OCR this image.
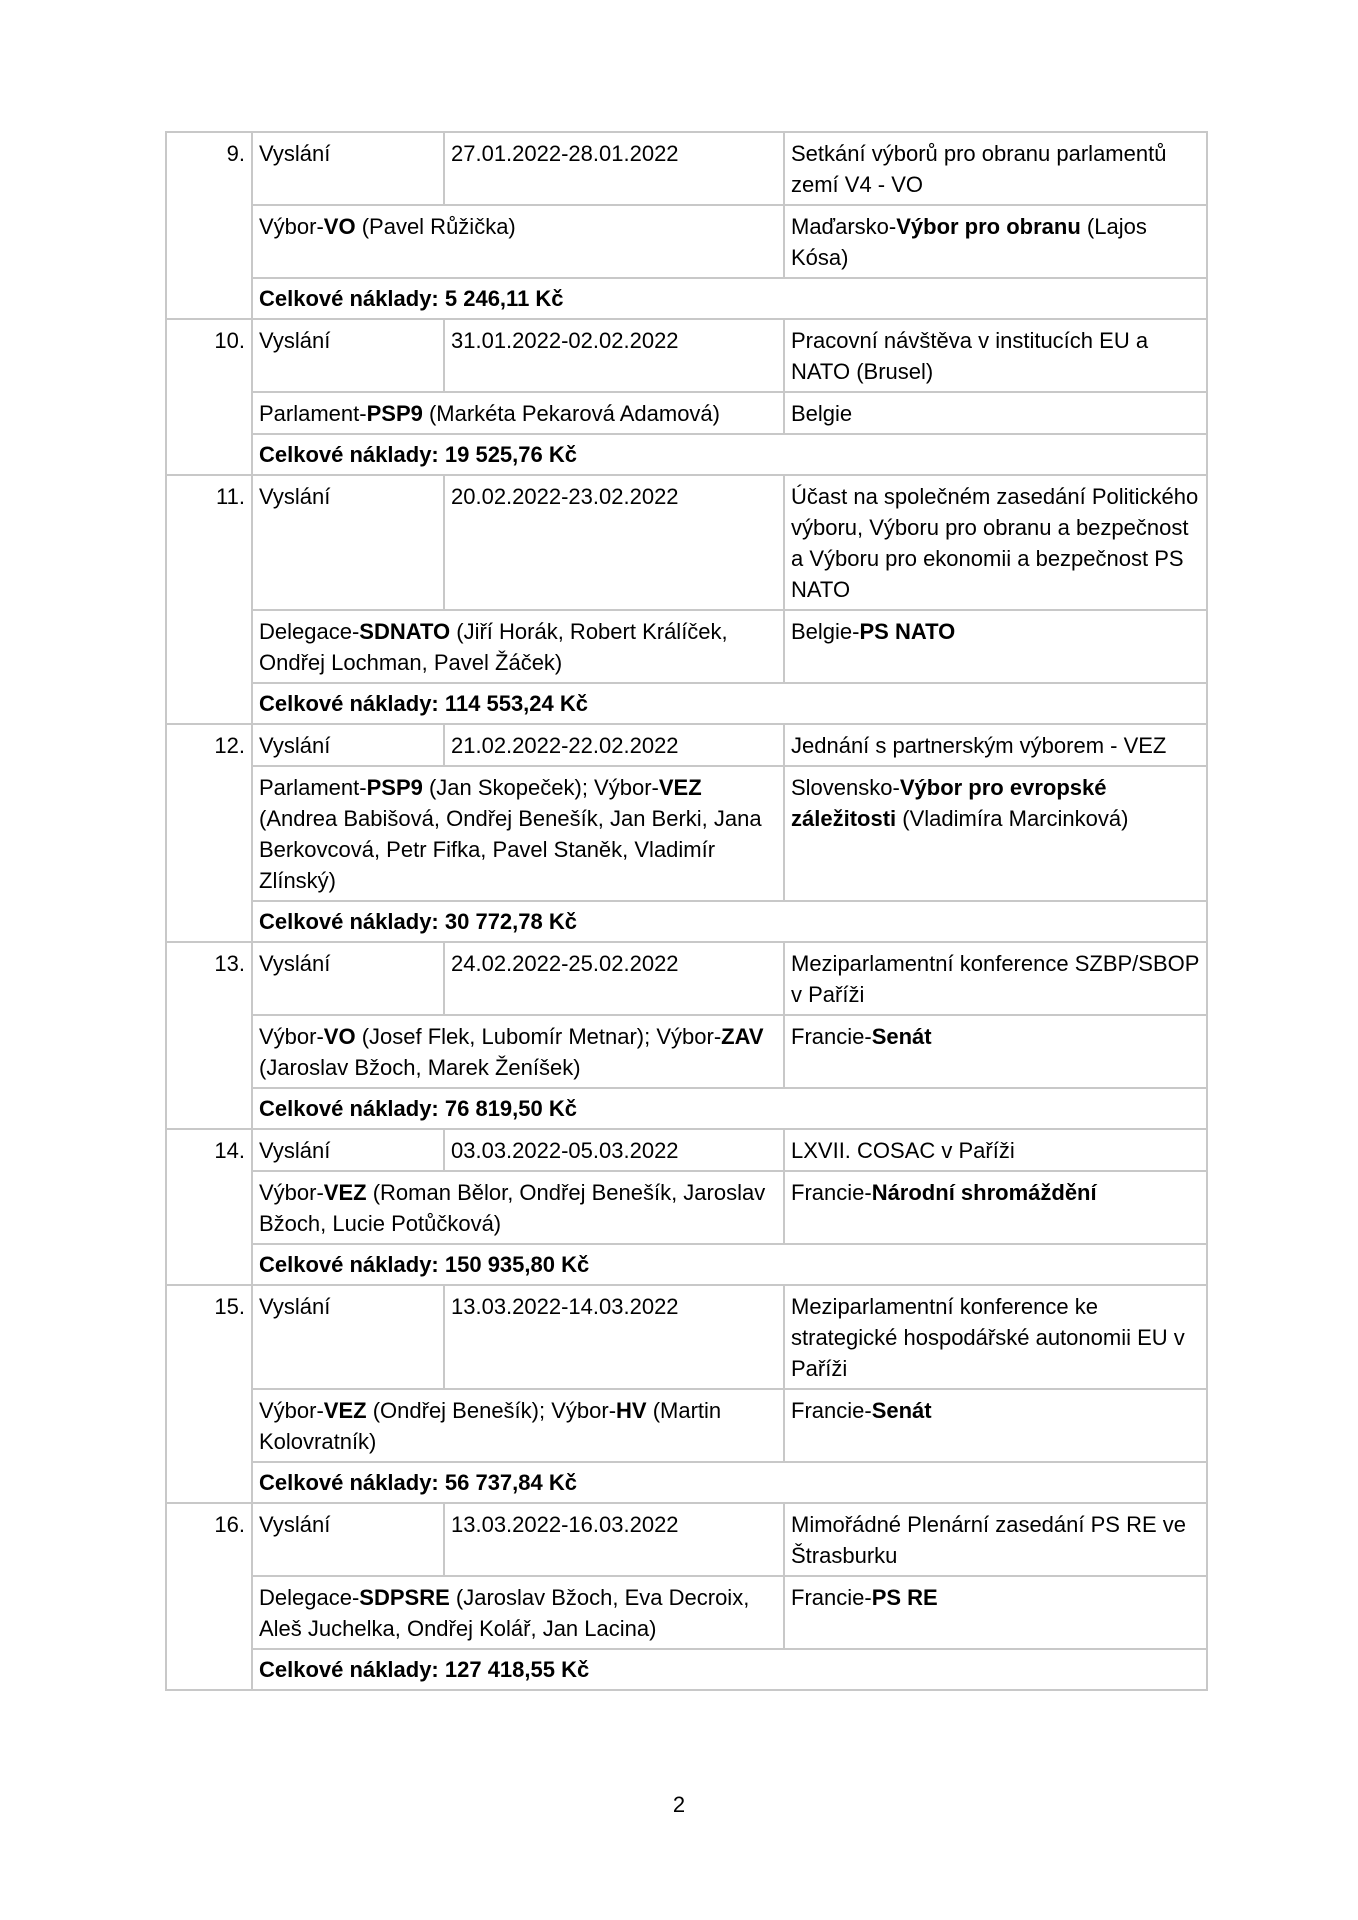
9.	Vyslání	27.01.2022-28.01.2022	Setkání výborů pro obranu parlamentů zemí V4 - VO
	Výbor-VO (Pavel Růžička)		Maďarsko-Výbor pro obranu (Lajos Kósa)
	Celkové náklady: 5 246,11 Kč		
10.	Vyslání	31.01.2022-02.02.2022	Pracovní návštěva v institucích EU a NATO (Brusel)
	Parlament-PSP9 (Markéta Pekarová Adamová)		Belgie
	Celkové náklady: 19 525,76 Kč		
11.	Vyslání	20.02.2022-23.02.2022	Účast na společném zasedání Politického výboru, Výboru pro obranu a bezpečnost a Výboru pro ekonomii a bezpečnost PS NATO
	Delegace-SDNATO (Jiří Horák, Robert Králíček, Ondřej Lochman, Pavel Žáček)		Belgie-PS NATO
	Celkové náklady: 114 553,24 Kč		
12.	Vyslání	21.02.2022-22.02.2022	Jednání s partnerským výborem - VEZ
	Parlament-PSP9 (Jan Skopeček); Výbor-VEZ (Andrea Babišová, Ondřej Benešík, Jan Berki, Jana Berkovcová, Petr Fifka, Pavel Staněk, Vladimír Zlínský)		Slovensko-Výbor pro evropské záležitosti (Vladimíra Marcinková)
	Celkové náklady: 30 772,78 Kč		
13.	Vyslání	24.02.2022-25.02.2022	Meziparlamentní konference SZBP/SBOP v Paříži
	Výbor-VO (Josef Flek, Lubomír Metnar); Výbor-ZAV (Jaroslav Bžoch, Marek Ženíšek)		Francie-Senát
	Celkové náklady: 76 819,50 Kč		
14.	Vyslání	03.03.2022-05.03.2022	LXVII. COSAC v Paříži
	Výbor-VEZ (Roman Bělor, Ondřej Benešík, Jaroslav Bžoch, Lucie Potůčková)		Francie-Národní shromáždění
	Celkové náklady: 150 935,80 Kč		
15.	Vyslání	13.03.2022-14.03.2022	Meziparlamentní konference ke strategické hospodářské autonomii EU v Paříži
	Výbor-VEZ (Ondřej Benešík); Výbor-HV (Martin Kolovratník)		Francie-Senát
	Celkové náklady: 56 737,84 Kč		
16.	Vyslání	13.03.2022-16.03.2022	Mimořádné Plenární zasedání PS RE ve Štrasburku
	Delegace-SDPSRE (Jaroslav Bžoch, Eva Decroix, Aleš Juchelka, Ondřej Kolář, Jan Lacina)		Francie-PS RE
	Celkové náklady: 127 418,55 Kč		
2
